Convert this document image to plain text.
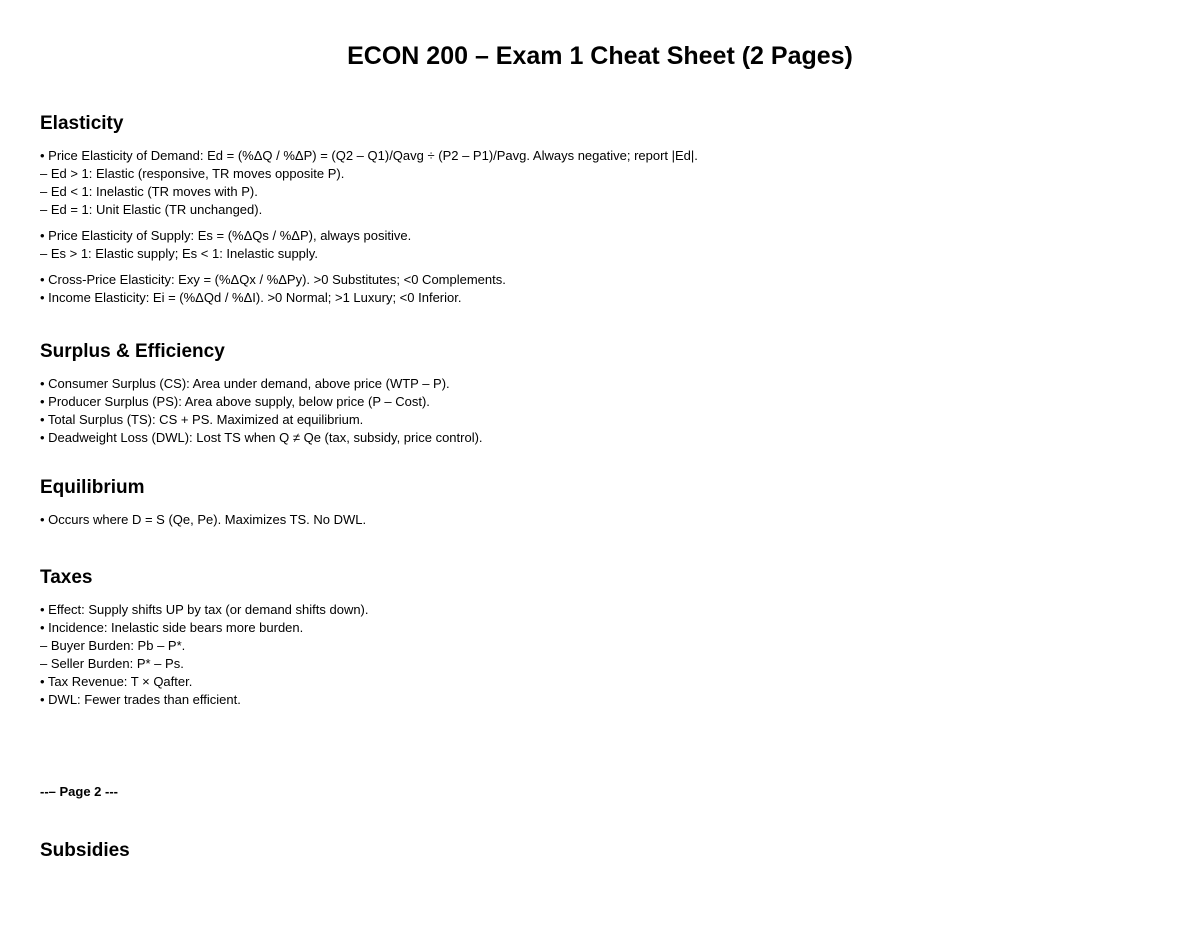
ECON 200 – Exam 1 Cheat Sheet (2 Pages)
Elasticity
• Price Elasticity of Demand: Ed = (%ΔQ / %ΔP) = (Q2 – Q1)/Qavg ÷ (P2 – P1)/Pavg. Always negative; report |Ed|.
– Ed > 1: Elastic (responsive, TR moves opposite P).
– Ed < 1: Inelastic (TR moves with P).
– Ed = 1: Unit Elastic (TR unchanged).
• Price Elasticity of Supply: Es = (%ΔQs / %ΔP), always positive.
– Es > 1: Elastic supply; Es < 1: Inelastic supply.
• Cross-Price Elasticity: Exy = (%ΔQx / %ΔPy). >0 Substitutes; <0 Complements.
• Income Elasticity: Ei = (%ΔQd / %ΔI). >0 Normal; >1 Luxury; <0 Inferior.
Surplus & Efficiency
• Consumer Surplus (CS): Area under demand, above price (WTP – P).
• Producer Surplus (PS): Area above supply, below price (P – Cost).
• Total Surplus (TS): CS + PS. Maximized at equilibrium.
• Deadweight Loss (DWL): Lost TS when Q ≠ Qe (tax, subsidy, price control).
Equilibrium
• Occurs where D = S (Qe, Pe). Maximizes TS. No DWL.
Taxes
• Effect: Supply shifts UP by tax (or demand shifts down).
• Incidence: Inelastic side bears more burden.
– Buyer Burden: Pb – P*.
– Seller Burden: P* – Ps.
• Tax Revenue: T × Qafter.
• DWL: Fewer trades than efficient.
--– Page 2 ---
Subsidies
